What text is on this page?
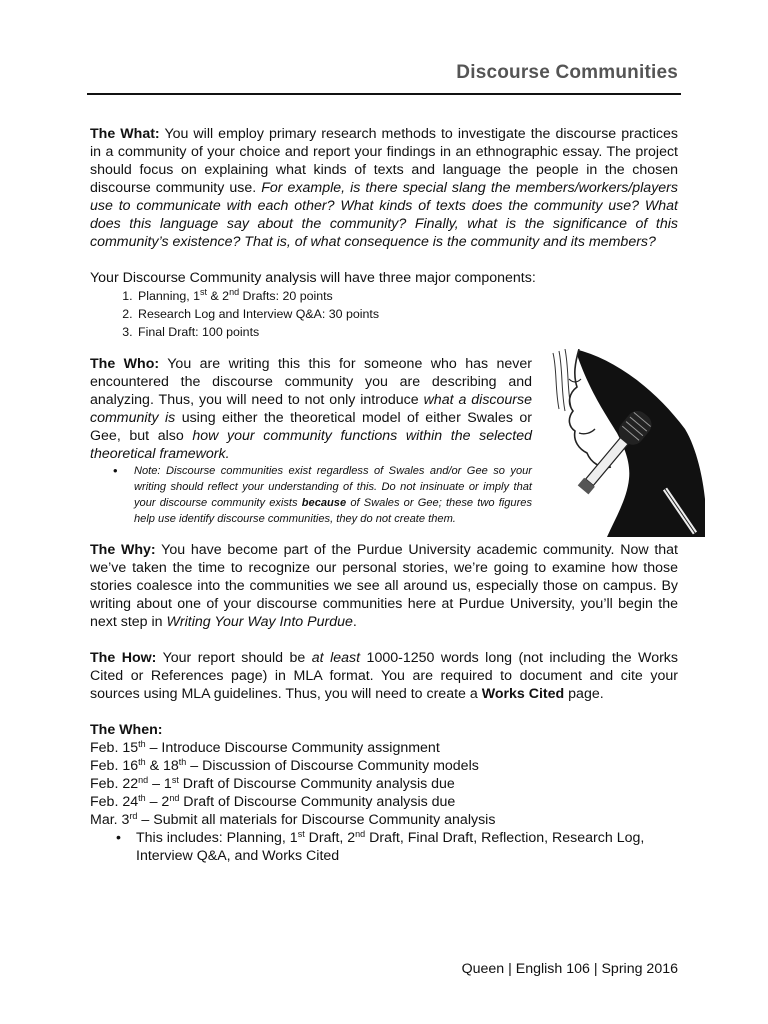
Discourse Communities

The What: You will employ primary research methods to investigate the discourse practices in a community of your choice and report your findings in an ethnographic essay. The project should focus on explaining what kinds of texts and language the people in the chosen discourse community use. For example, is there special slang the members/workers/players use to communicate with each other? What kinds of texts does the community use? What does this language say about the community? Finally, what is the significance of this community’s existence? That is, of what consequence is the community and its members?

Your Discourse Community analysis will have three major components:

1. Planning, 1st & 2nd Drafts: 20 points
2. Research Log and Interview Q&A: 30 points
3. Final Draft: 100 points

The Who: You are writing this this for someone who has never encountered the discourse community you are describing and analyzing. Thus, you will need to not only introduce what a discourse community is using either the theoretical model of either Swales or Gee, but also how your community functions within the selected theoretical framework.

• Note: Discourse communities exist regardless of Swales and/or Gee so your writing should reflect your understanding of this. Do not insinuate or imply that your discourse community exists because of Swales or Gee; these two figures help use identify discourse communities, they do not create them.

The Why: You have become part of the Purdue University academic community. Now that we’ve taken the time to recognize our personal stories, we’re going to examine how those stories coalesce into the communities we see all around us, especially those on campus. By writing about one of your discourse communities here at Purdue University, you’ll begin the next step in Writing Your Way Into Purdue.

The How: Your report should be at least 1000-1250 words long (not including the Works Cited or References page) in MLA format. You are required to document and cite your sources using MLA guidelines. Thus, you will need to create a Works Cited page.

The When:

Feb. 15th – Introduce Discourse Community assignment
Feb. 16th & 18th – Discussion of Discourse Community models
Feb. 22nd – 1st Draft of Discourse Community analysis due
Feb. 24th – 2nd Draft of Discourse Community analysis due
Mar. 3rd – Submit all materials for Discourse Community analysis
• This includes: Planning, 1st Draft, 2nd Draft, Final Draft, Reflection, Research Log, Interview Q&A, and Works Cited
Queen | English 106 | Spring 2016
